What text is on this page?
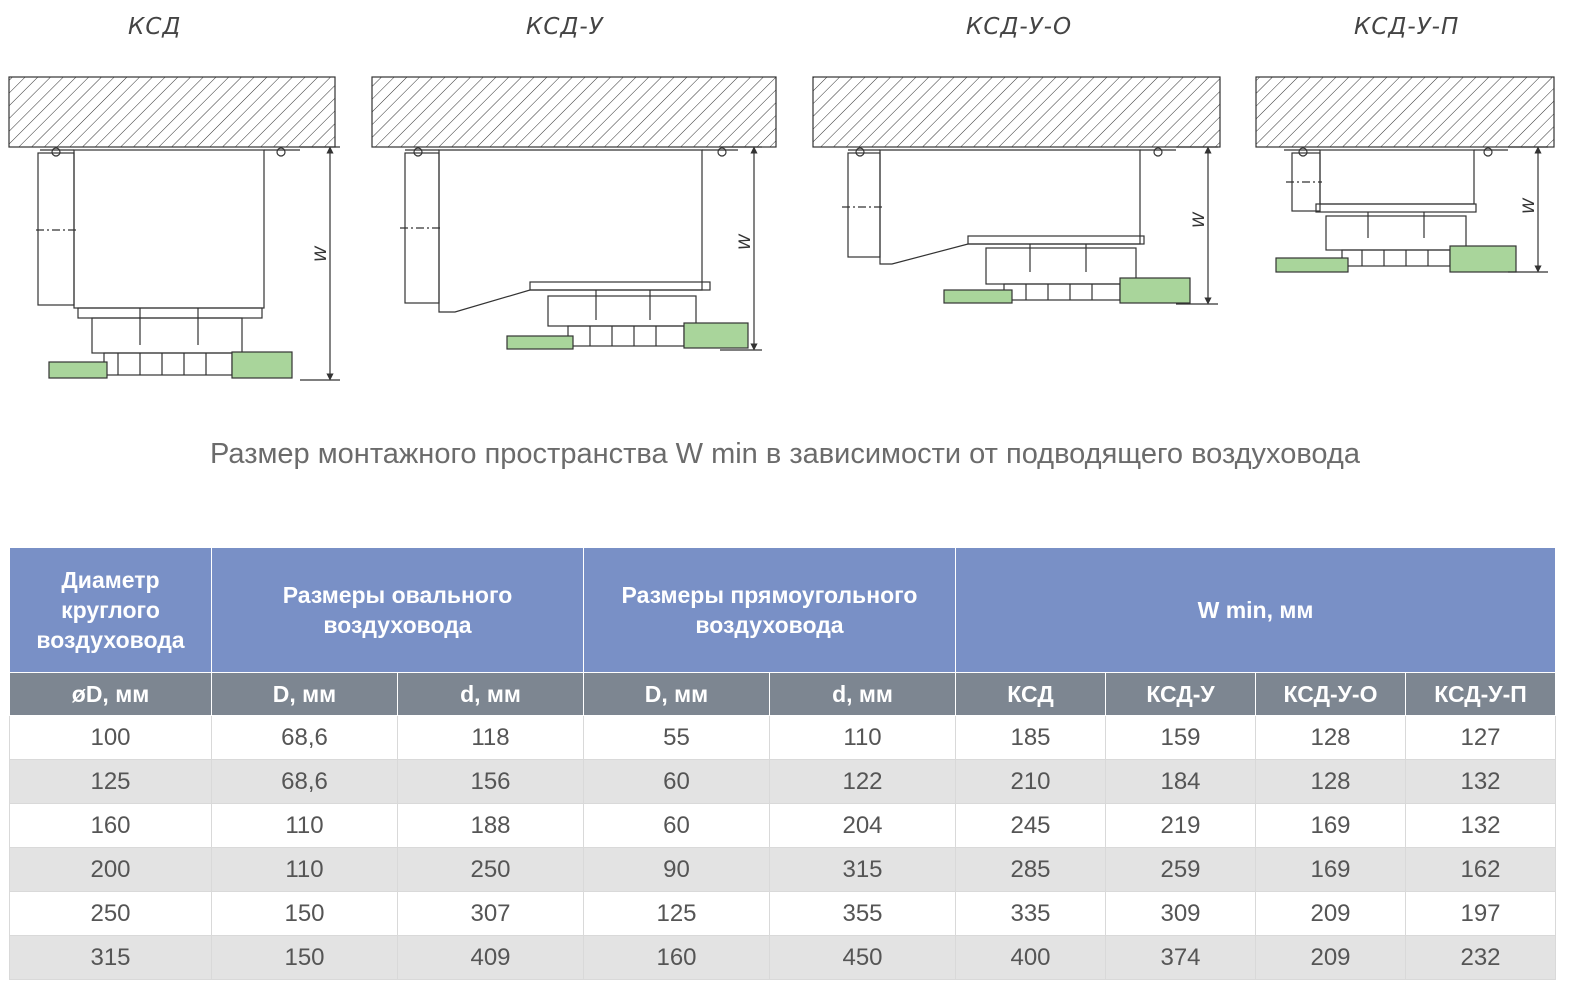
КСД	КСД-У	КСД-У-О	КСД-У-П
W
W
W
W
Размер монтажного пространства W min в зависимости от подводящего воздуховода
Диаметр круглого воздуховода	Размеры овального воздуховода		Размеры прямоугольного воздуховода		W min, мм			
øD, мм	D, мм	d, мм	D, мм	d, мм	КСД	КСД-У	КСД-У-О	КСД-У-П
100	68,6	118	55	110	185	159	128	127
125	68,6	156	60	122	210	184	128	132
160	110	188	60	204	245	219	169	132
200	110	250	90	315	285	259	169	162
250	150	307	125	355	335	309	209	197
315	150	409	160	450	400	374	209	232
